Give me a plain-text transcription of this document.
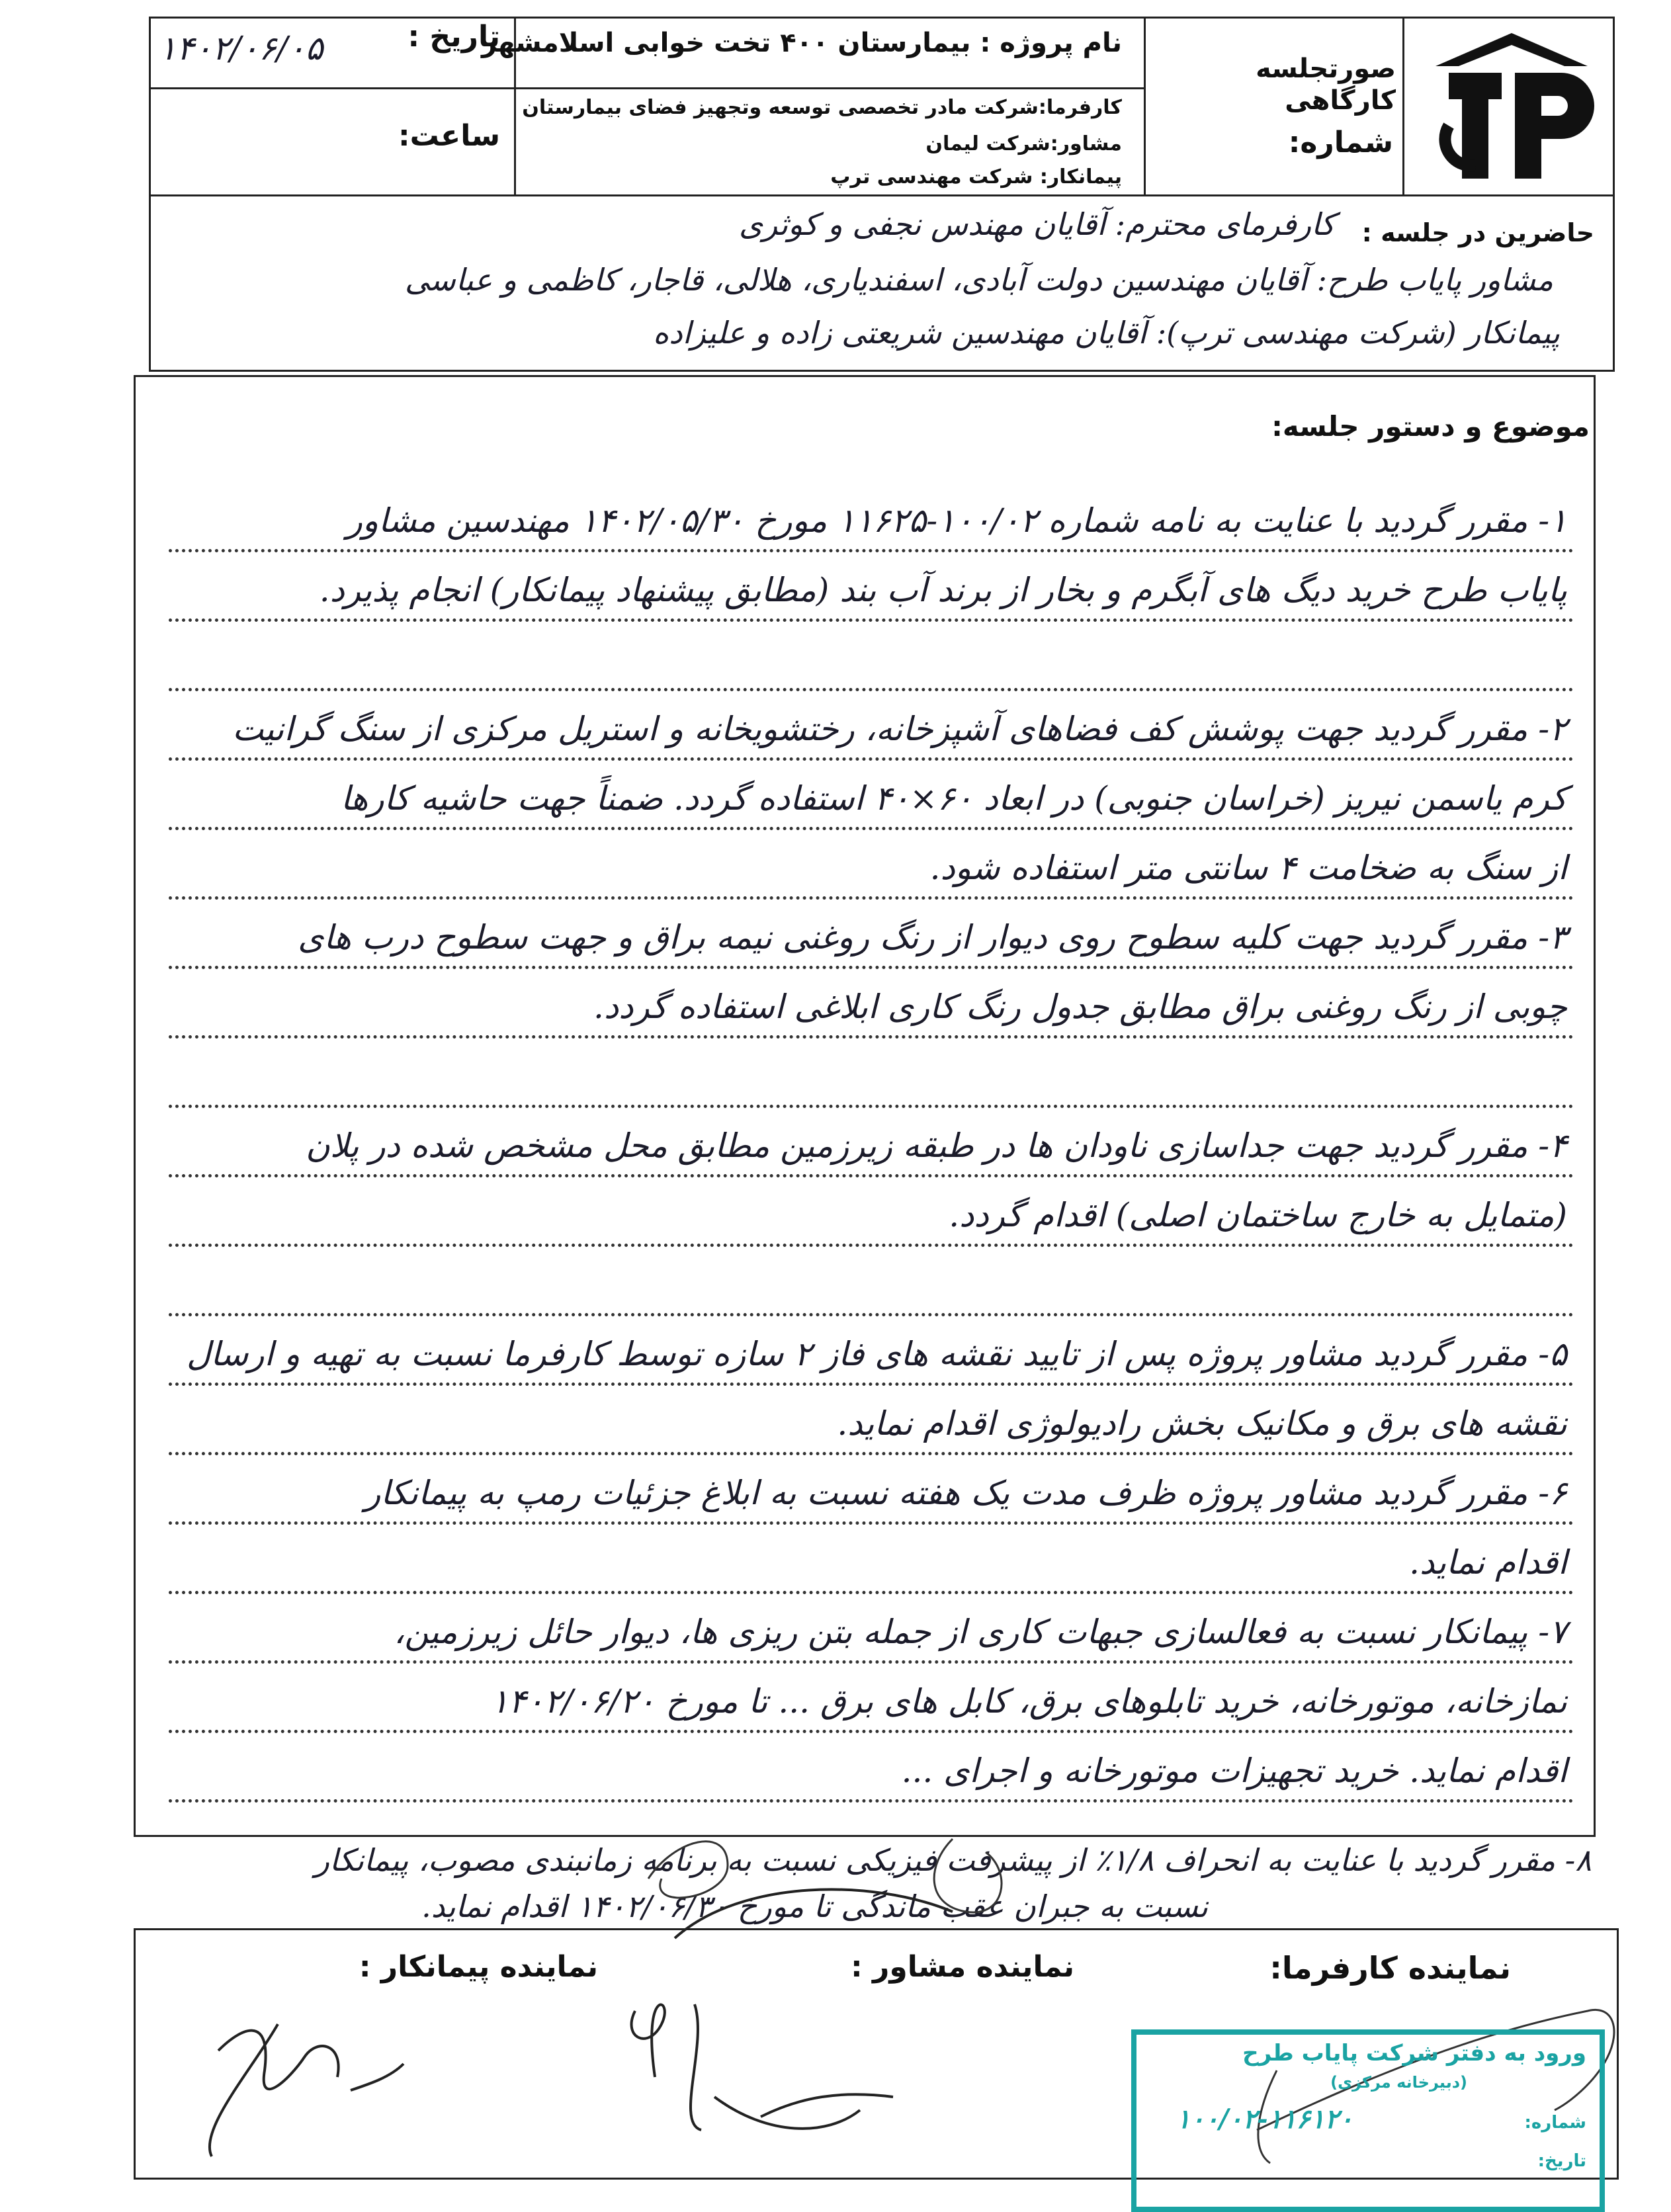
صورتجلسه کارگاهی
شماره:
نام پروژه : بیمارستان ۴۰۰ تخت خوابی اسلامشهر
کارفرما:شرکت مادر تخصصی توسعه وتجهیز فضای بیمارستان
مشاور:شرکت لیمان
پیمانکار: شرکت مهندسی ترپ
تاریخ :
۱۴۰۲/۰۶/۰۵
ساعت:
حاضرین در جلسه :
کارفرمای محترم: آقایان مهندس نجفی و کوثری
مشاور پایاب طرح: آقایان مهندسین دولت آبادی، اسفندیاری، هلالی، قاجار، کاظمی و عباسی
پیمانکار (شرکت مهندسی ترپ): آقایان مهندسین شریعتی زاده و علیزاده
موضوع و دستور جلسه:
۱- مقرر گردید با عنایت به نامه شماره ۱۰۰/۰۲-۱۱۶۲۵ مورخ ۱۴۰۲/۰۵/۳۰ مهندسین مشاور
پایاب طرح خرید دیگ های آبگرم و بخار از برند آب بند (مطابق پیشنهاد پیمانکار) انجام پذیرد.
۲- مقرر گردید جهت پوشش کف فضاهای آشپزخانه، رختشویخانه و استریل مرکزی از سنگ گرانیت
کرم یاسمن نیریز (خراسان جنوبی) در ابعاد ۶۰×۴۰ استفاده گردد. ضمناً جهت حاشیه کارها
از سنگ به ضخامت ۴ سانتی متر استفاده شود.
۳- مقرر گردید جهت کلیه سطوح روی دیوار از رنگ روغنی نیمه براق و جهت سطوح درب های
چوبی از رنگ روغنی براق مطابق جدول رنگ کاری ابلاغی استفاده گردد.
۴- مقرر گردید جهت جداسازی ناودان ها در طبقه زیرزمین مطابق محل مشخص شده در پلان
(متمایل به خارج ساختمان اصلی) اقدام گردد.
۵- مقرر گردید مشاور پروژه پس از تایید نقشه های فاز ۲ سازه توسط کارفرما نسبت به تهیه و ارسال
نقشه های برق و مکانیک بخش رادیولوژی اقدام نماید.
۶- مقرر گردید مشاور پروژه ظرف مدت یک هفته نسبت به ابلاغ جزئیات رمپ به پیمانکار
اقدام نماید.
۷- پیمانکار نسبت به فعالسازی جبهات کاری از جمله بتن ریزی ها، دیوار حائل زیرزمین،
نمازخانه، موتورخانه، خرید تابلوهای برق، کابل های برق ... تا مورخ ۱۴۰۲/۰۶/۲۰
اقدام نماید. خرید تجهیزات موتورخانه و اجرای ...
۸- مقرر گردید با عنایت به انحراف ۱/۸٪ از پیشرفت فیزیکی نسبت به برنامه زمانبندی مصوب، پیمانکار
نسبت به جبران عقب ماندگی تا مورخ ۱۴۰۲/۰۶/۳۰ اقدام نماید.
نماینده کارفرما:
نماینده مشاور :
نماینده پیمانکار :
ورود به دفتر شرکت پایاب طرح
(دبیرخانه مرکزی)
شماره:
۱۰۰/۰۲-۱۱۶۱۲۰
تاریخ:
